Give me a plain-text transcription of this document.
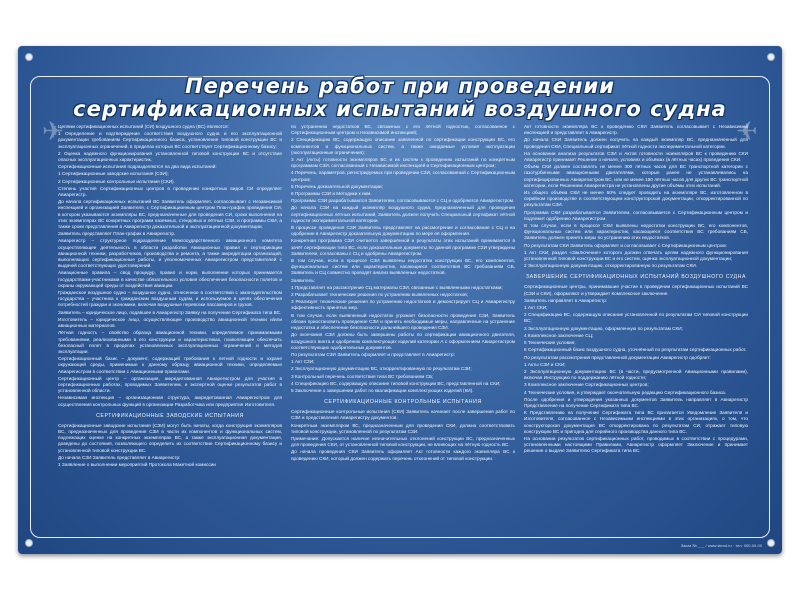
✈	✈
Перечень работ при проведении
сертификационных испытаний воздушного судна

Целями сертификационных испытаний (СИ) воздушного судна (ВС) являются:

1 Определение и подтверждение соответствия воздушного судна и его эксплуатационной документации требованиям Сертификационного базиса, установление типовой конструкции ВС и эксплуатационных ограничений, в пределах которых ВС соответствует Сертификационному базису;

2 Оценка надежного функционирования установленной типовой конструкции ВС и отсутствие опасных эксплуатационных характеристик.

Сертификационные испытания подразделяются на два вида испытаний:

1 Сертификационные заводские испытания (СЗИ);

2 Сертификационные контрольные испытания (СКИ).

Степень участия Сертификационных центров в проведении конкретных видов СИ определяет Авиарегистр.

До начала сертификационных испытаний ВС Заявитель оформляет, согласовывает с Независимой инспекцией и организацией Заявителя, с Сертификационным центром План-график проведения СИ, в котором указываются экземпляры ВС, предназначенные для проведения СИ, сроки выполнения на этих экземплярах ВС конкретных программ наземных, стендовых и лётных СЗИ, и программы СКИ, а также сроки представления в Авиарегистр доказательной и эксплуатационной документации.

Заявитель представляет План-график в Авиарегистр.

Авиарегистр – структурное подразделение Межгосударственного авиационного комитета осуществляющее деятельность в области разработки Авиационных правил и сертификации авиационной техники, разработчиков, производства и ремонта, а также аккредитации организаций, выполняющих сертификационные работы, и уполномоченных Авиарегистром представителей с выдачей соответствующих удостоверений.

Авиационные правила – свод процедур, правил и норм, выполнение которых принимается государствами-участниками в качестве обязательного условия обеспечения безопасности полетов и охраны окружающей среды от воздействия авиации.

Гражданское воздушное судно – воздушное судно, отнесенное в соответствии с законодательством государства – участника к гражданским воздушным судам, и используемое в целях обеспечения потребностей граждан и экономики, включая воздушные перевозки пассажиров и грузов.

Заявитель – юридическое лицо, подавшее в Авиарегистр Заявку на получение Сертификата типа ВС.

Изготовитель – юридическое лицо, осуществляющее производство авиационной техники и/или авиационных материалов.

Лётная годность – свойство образца авиационной техники, определяемое принимаемыми требованиями, реализованными в его конструкции и характеристиках, позволяющее обеспечить безопасный полет в пределах установленных эксплуатационных ограничений и методов эксплуатации.

Сертификационный базис – документ, содержащий требования к летной годности и охране окружающей среды, применимые к данному образцу авиационной техники, определяемые Авиарегистром в соответствии с Авиационными правилами.

Сертификационный центр – организация, аккредитованная Авиарегистром для участия в сертификационных работах, проводимых Заявителем, и экспертной оценке результатов работ в установленной области.

Независимая инспекция – организационная структура, аккредитованная Авиарегистром для осуществления контрольных функций в организации Разработчика или предприятия Изготовителя.

СЕРТИФИКАЦИОННЫЕ ЗАВОДСКИЕ ИСПЫТАНИЯ

Сертификационные заводские испытания (СЗИ) могут быть начаты, когда конструкция экземпляров ВС, предназначенных для проведения СЗИ в части их компонентов и функциональных систем, подлежащих оценке на конкретных экземплярах ВС, а также эксплуатационная документация, доведены до состояния, позволяющего определить их соответствие Сертификационному базису и установленной типовой конструкции ВС.

До начала СЗИ Заявитель представляет в Авиарегистр:

1 Заявление о выполнении мероприятий Протокола Макетной комиссии

по устранению недостатков ВС, связанных с его лётной годностью, согласованное с Сертификационным центром и Независимой инспекцией;

2 Спецификацию ВС, содержащую описание заявленной по сертификации конструкции ВС, его компонентов и функциональных систем, а также ожидаемые условия эксплуатации (эксплуатационные ограничения);

3 Акт (Акты) готовности экземпляров ВС и их систем к проведению испытаний по конкретным программам СЗИ, согласованный с Независимой инспекцией и Сертификационным центром;

4 Перечень, параметров, регистрируемых при проведении СЗИ, согласованный с Сертификационным центром;

5 Перечень доказательной документации;

6 Программы СЗИ и Методики к ним.

Программы СЗИ разрабатываются Заявителем, согласовываются с СЦ и одобряются Авиарегистром.

До начала СЗИ на каждый экземпляр воздушного судна, предназначенный для проведения сертификационных лётных испытаний, Заявитель должен получить Специальный сертификат лётной годности экспериментальной категории.

В процессе проведения СЗИ Заявитель представляет на рассмотрение и согласование с СЦ и на одобрение в Авиарегистр доказательную документацию по мере её оформления.

Конкретная программа СЗИ считается завершённой и результаты этих испытаний принимаются в зачёт сертификации типа ВС, если доказательные документы по данной программе СЗИ утверждены Заявителем, согласованы с СЦ и одобрены Авиарегистром.

В том случае, если в процессе СЗИ выявлены недостатки конструкции ВС, его компонентов, функциональных систем или характеристик, касающиеся соответствия ВС требованиям СБ, Заявитель и СЦ совместно проводят анализ выявленных недостатков.

Заявитель:

1 Представляет на рассмотрение СЦ материалы СЗИ, связанные с выявленными недостатками;

2 Разрабатывает технические решения по устранению выявленных недостатков;

3 Реализует технические решения по устранению недостатков и демонстрирует СЦ и Авиарегистру эффективность принятых мер.

В том случае, если выявленный недостаток угрожает безопасности проведения СЗИ, Заявитель обязан приостановить проведение СЗИ и принять необходимые меры, направленные на устранение недостатка и обеспечение безопасности дальнейшего проведения СЗИ.

До окончания СЗИ должны быть завершены работы по сертификации авиационного двигателя, воздушного винта и одобрению комплектующих изделий категории А с оформлением Авиарегистром соответствующих одобрительных документов.

По результатам СЗИ Заявитель оформляет и представляет в Авиарегистр:

1 Акт СЗИ;

2 Эксплуатационную документацию ВС, откорректированную по результатам СЗИ;

3 Контрольный перечень соответствия типа ВС требованиям СБ;

4 Спецификацию ВС, содержащую описание типовой конструкции ВС, представленной на СКИ;

5 Заключение о завершении работ по квалификации комплектующих изделий (КИ).

СЕРТИФИКАЦИОННЫЕ КОНТРОЛЬНЫЕ ИСПЫТАНИЯ

Сертификационные контрольные испытания (СКИ) Заявитель начинает после завершения работ по СЗИ и представления Авиарегистру документов.

Конкретным экземпляром ВС, предназначенным для проведения СКИ, должна соответствовать типовой конструкции, установленной по результатам СЗИ.

Примечание: Допускается наличие незначительных отклонений конструкции ВС, предназначенных для проведения СКИ, от установленной типовой конструкции, не влияющих на лётную годность ВС.

До начала проведения СКИ Заявитель оформляет Акт готовности каждого экземпляра ВС к проведению СКИ, который должен содержать перечень отклонений от типовой конструкции.

Акт готовности экземпляра ВС к проведению СКИ Заявитель согласовывает с Независимой инспекцией и представляет в Авиарегистр.

До начала СКИ Заявитель должен получить на каждый экземпляр ВС, предназначенный для проведения СКИ, Специальный сертификат лётной годности экспериментальной категории.

На основании анализа результатов СЗИ и Актов готовности экземпляров ВС к проведению СКИ Авиарегистр принимает Решение о начале, условиях и объёмах (в лётных часах) проведения СКИ.

Объём СКИ должен составлять не менее 300 лётных часов для ВС транспортной категории с газотурбинными авиационными двигателями, которые ранее не устанавливались на сертифицированных Авиарегистром ВС, или не менее 150 лётных часов для других ВС транспортной категории, если Решением Авиарегистра не установлены другие объёмы этих испытаний.

Из общего объёма СКИ не менее 50% следует проводить на экземпляре ВС, изготовленном в серийном производстве и соответствующем конструкторской документации, откорректированной по результатам СЗИ.

Программа СКИ разрабатывается Заявителем, согласовывается с Сертификационным центром и подлежит одобрению Авиарегистром.

В том случае, если в процессе СКИ выявлены недостатки конструкции ВС, его компонентов, функциональных систем или характеристик, касающиеся соответствия ВС требованиям СБ, Заявитель должен принять меры по устранению этих недостатков.

По результатам СКИ Заявитель оформляет и согласовывает с Сертификационным центром:

1 Акт СКИ, раздел «Заключение» которого должен отвечать целям надежного функционирования установленной типовой конструкции ВС и его систем, оценка эксплуатационной документации;

2 Эксплуатационную документацию, откорректированную по результатам СКИ.

ЗАВЕРШЕНИЕ СЕРТИФИКАЦИОННЫХ ИСПЫТАНИЙ ВОЗДУШНОГО СУДНА

Сертификационные центры, принимавшие участие в проведении сертификационных испытаний ВС (СЗИ и СКИ), оформляют и утверждает Комплексное заключение.

Заявитель направляет в Авиарегистр:

1 Акт СКИ;

2 Спецификацию ВС, содержащую описание установленной по результатам СИ типовой конструкции ВС;

3 Эксплуатационную документацию, оформленную по результатам СКИ;

4 Комплексное заключение СЦ;

5 Технические условия;

6 Сертификационный базис воздушного судна, уточнённый по результатам сертификационных работ.

По результатам рассмотрения представленной документации Авиарегистр одобряет:

1 Акты СЗИ и СКИ;

2 Эксплуатационную документацию ВС (в части, предусмотренной Авиационными правилами), включая Инструкцию по поддержанию лётной годности;

3 Комплексное заключение Сертификационных центров;

4 Технические условия, и утверждает окончательную редакцию Сертификационного базиса.

После одобрения и утверждения указанных документов Заявитель направляет в Авиарегистр Представление на получение Сертификата типа ВС.

К Представлению на получение Сертификата типа ВС прилагается Уведомление Заявителя и Изготовителя, согласованное с Независимыми инспекциями в этих организациях, о том, что конструкторская документация ВС откорректирована по результатам СИ, отражает типовую конструкцию ВС и пригодна для серийного производства данного типа ВС.

На основании результатов сертификационных работ, проводимых в соответствии с процедурами, установленными настоящими Правилами, Авиарегистр оформляет Заключение и принимает решение о выдаче Заявителю Сертификата типа ВС.

Заказ № ___ / www.stend.ru · тел. 000-00-00
